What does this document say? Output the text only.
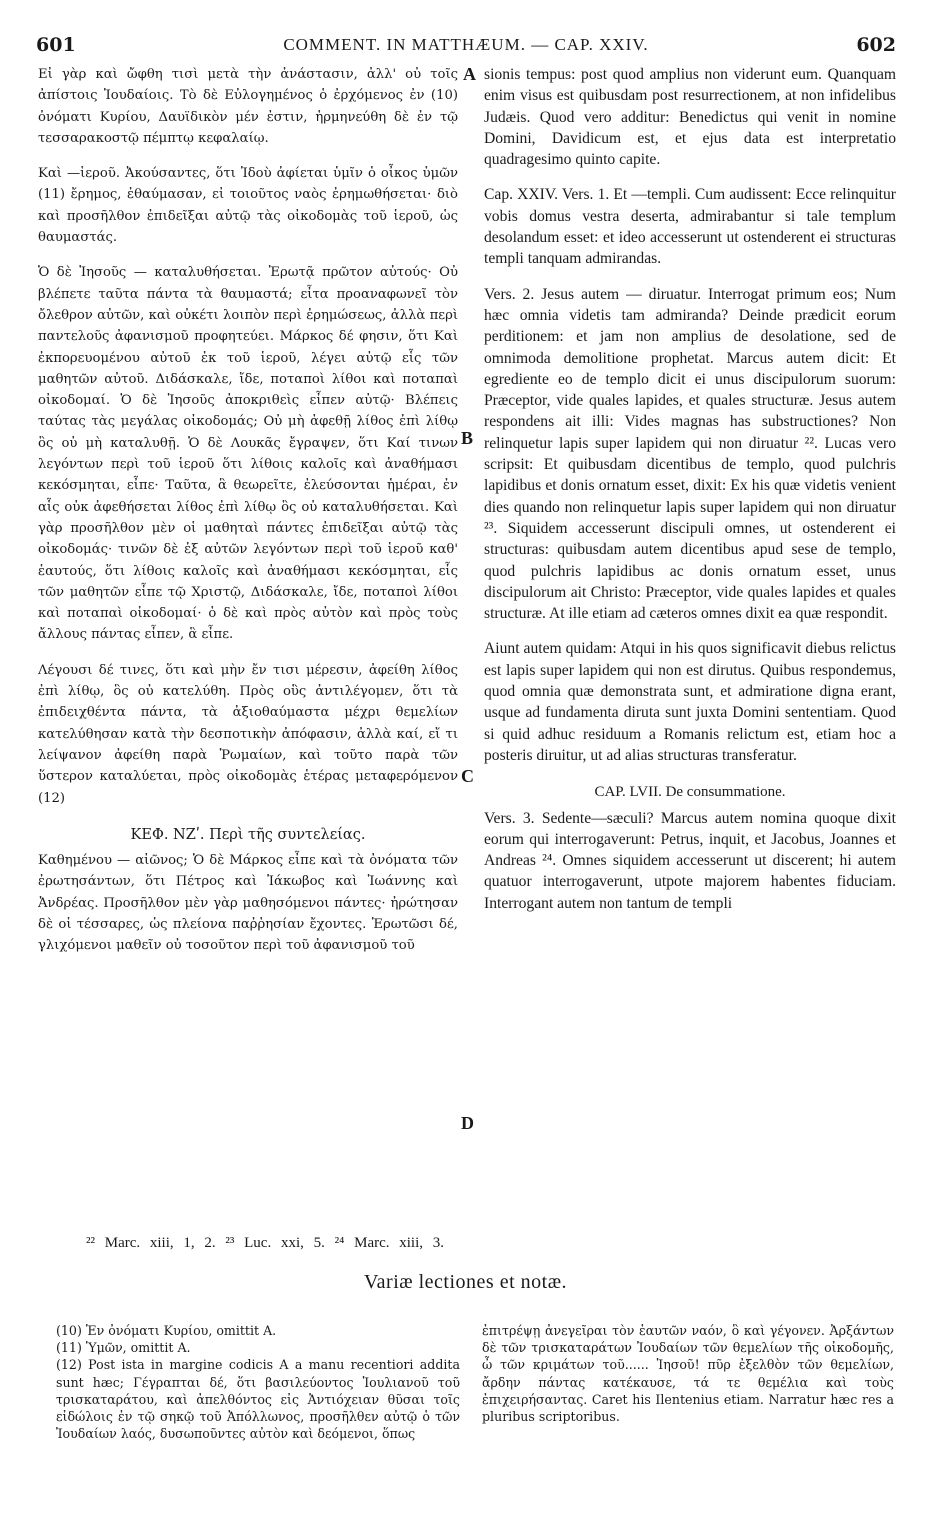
601	COMMENT. IN MATTHÆUM. — CAP. XXIV.	602

Εἰ γὰρ καὶ ὤφθη τισὶ μετὰ τὴν ἀνάστασιν, ἀλλ' οὐ τοῖς ἀπίστοις Ἰουδαίοις. Τὸ δὲ Εὐλογημένος ὁ ἐρχόμενος ἐν (10) ὀνόματι Κυρίου, Δαυϊδικὸν μέν ἐστιν, ἡρμηνεύθη δὲ ἐν τῷ τεσσαρακοστῷ πέμπτῳ κεφαλαίῳ.

Καὶ —ἱεροῦ. Ἀκούσαντες, ὅτι Ἰδοὺ ἀφίεται ὑμῖν ὁ οἶκος ὑμῶν (11) ἔρημος, ἐθαύμασαν, εἰ τοιοῦτος ναὸς ἐρημωθήσεται· διὸ καὶ προσῆλθον ἐπιδεῖξαι αὐτῷ τὰς οἰκοδομὰς τοῦ ἱεροῦ, ὡς θαυμαστάς.

Ὁ δὲ Ἰησοῦς — καταλυθήσεται. Ἐρωτᾷ πρῶτον αὐτούς· Οὐ βλέπετε ταῦτα πάντα τὰ θαυμαστά; εἶτα προαναφωνεῖ τὸν ὄλεθρον αὐτῶν, καὶ οὐκέτι λοιπὸν περὶ ἐρημώσεως, ἀλλὰ περὶ παντελοῦς ἀφανισμοῦ προφητεύει. Μάρκος δέ φησιν, ὅτι Καὶ ἐκπορευομένου αὐτοῦ ἐκ τοῦ ἱεροῦ, λέγει αὐτῷ εἷς τῶν μαθητῶν αὐτοῦ. Διδάσκαλε, ἴδε, ποταποὶ λίθοι καὶ ποταπαὶ οἰκοδομαί. Ὁ δὲ Ἰησοῦς ἀποκριθεὶς εἶπεν αὐτῷ· Βλέπεις ταύτας τὰς μεγάλας οἰκοδομάς; Οὐ μὴ ἀφεθῇ λίθος ἐπὶ λίθῳ ὃς οὐ μὴ καταλυθῇ. Ὁ δὲ Λουκᾶς ἔγραψεν, ὅτι Καί τινων λεγόντων περὶ τοῦ ἱεροῦ ὅτι λίθοις καλοῖς καὶ ἀναθήμασι κεκόσμηται, εἶπε· Ταῦτα, ἃ θεωρεῖτε, ἐλεύσονται ἡμέραι, ἐν αἷς οὐκ ἀφεθήσεται λίθος ἐπὶ λίθῳ ὃς οὐ καταλυθήσεται. Καὶ γὰρ προσῆλθον μὲν οἱ μαθηταὶ πάντες ἐπιδεῖξαι αὐτῷ τὰς οἰκοδομάς· τινῶν δὲ ἐξ αὐτῶν λεγόντων περὶ τοῦ ἱεροῦ καθ' ἑαυτούς, ὅτι λίθοις καλοῖς καὶ ἀναθήμασι κεκόσμηται, εἷς τῶν μαθητῶν εἶπε τῷ Χριστῷ, Διδάσκαλε, ἴδε, ποταποὶ λίθοι καὶ ποταπαὶ οἰκοδομαί· ὁ δὲ καὶ πρὸς αὐτὸν καὶ πρὸς τοὺς ἄλλους πάντας εἶπεν, ἃ εἶπε.

Λέγουσι δέ τινες, ὅτι καὶ μὴν ἔν τισι μέρεσιν, ἀφείθη λίθος ἐπὶ λίθῳ, ὃς οὐ κατελύθη. Πρὸς οὓς ἀντιλέγομεν, ὅτι τὰ ἐπιδειχθέντα πάντα, τὰ ἀξιοθαύμαστα μέχρι θεμελίων κατελύθησαν κατὰ τὴν δεσποτικὴν ἀπόφασιν, ἀλλὰ καί, εἴ τι λείψανον ἀφείθη παρὰ Ῥωμαίων, καὶ τοῦτο παρὰ τῶν ὕστερον καταλύεται, πρὸς οἰκοδομὰς ἑτέρας μεταφερόμενον (12)

ΚΕΦ. ΝΖʹ. Περὶ τῆς συντελείας.

Καθημένου — αἰῶνος; Ὁ δὲ Μάρκος εἶπε καὶ τὰ ὀνόματα τῶν ἐρωτησάντων, ὅτι Πέτρος καὶ Ἰάκωβος καὶ Ἰωάννης καὶ Ἀνδρέας. Προσῆλθον μὲν γὰρ μαθησόμενοι πάντες· ἠρώτησαν δὲ οἱ τέσσαρες, ὡς πλείονα παῤῥησίαν ἔχοντες. Ἐρωτῶσι δέ, γλιχόμενοι μαθεῖν οὐ τοσοῦτον περὶ τοῦ ἀφανισμοῦ τοῦ

sionis tempus: post quod amplius non viderunt eum. Quanquam enim visus est quibusdam post resurrectionem, at non infidelibus Judæis. Quod vero additur: Benedictus qui venit in nomine Domini, Davidicum est, et ejus data est interpretatio quadragesimo quinto capite.

Cap. XXIV. Vers. 1. Et —templi. Cum audissent: Ecce relinquitur vobis domus vestra deserta, admirabantur si tale templum desolandum esset: et ideo accesserunt ut ostenderent ei structuras templi tanquam admirandas.

Vers. 2. Jesus autem — diruatur. Interrogat primum eos; Num hæc omnia videtis tam admiranda? Deinde prædicit eorum perditionem: et jam non amplius de desolatione, sed de omnimoda demolitione prophetat. Marcus autem dicit: Et egrediente eo de templo dicit ei unus discipulorum suorum: Præceptor, vide quales lapides, et quales structuræ. Jesus autem respondens ait illi: Vides magnas has substructiones? Non relinquetur lapis super lapidem qui non diruatur ²². Lucas vero scripsit: Et quibusdam dicentibus de templo, quod pulchris lapidibus et donis ornatum esset, dixit: Ex his quæ videtis venient dies quando non relinquetur lapis super lapidem qui non diruatur ²³. Siquidem accesserunt discipuli omnes, ut ostenderent ei structuras: quibusdam autem dicentibus apud sese de templo, quod pulchris lapidibus ac donis ornatum esset, unus discipulorum ait Christo: Præceptor, vide quales lapides et quales structuræ. At ille etiam ad cæteros omnes dixit ea quæ respondit.

Aiunt autem quidam: Atqui in his quos significavit diebus relictus est lapis super lapidem qui non est dirutus. Quibus respondemus, quod omnia quæ demonstrata sunt, et admiratione digna erant, usque ad fundamenta diruta sunt juxta Domini sententiam. Quod si quid adhuc residuum a Romanis relictum est, etiam hoc a posteris diruitur, ut ad alias structuras transferatur.

CAP. LVII. De consummatione.

Vers. 3. Sedente—sæculi? Marcus autem nomina quoque dixit eorum qui interrogaverunt: Petrus, inquit, et Jacobus, Joannes et Andreas ²⁴. Omnes siquidem accesserunt ut discerent; hi autem quatuor interrogaverunt, utpote majorem habentes fiduciam. Interrogant autem non tantum de templi

A
B
C
D
²² Marc. xiii, 1, 2. ²³ Luc. xxi, 5. ²⁴ Marc. xiii, 3.
Variæ lectiones et notæ.

(10) Ἐν ὀνόματι Κυρίου, omittit A.

(11) Ὑμῶν, omittit A.

(12) Post ista in margine codicis A a manu recentiori addita sunt hæc; Γέγραπται δέ, ὅτι βασιλεύοντος Ἰουλιανοῦ τοῦ τρισκαταράτου, καὶ ἀπελθόντος εἰς Ἀντιόχειαν θῦσαι τοῖς εἰδώλοις ἐν τῷ σηκῷ τοῦ Ἀπόλλωνος, προσῆλθεν αὐτῷ ὁ τῶν Ἰουδαίων λαός, δυσωποῦντες αὐτὸν καὶ δεόμενοι, ὅπως

ἐπιτρέψῃ ἀνεγεῖραι τὸν ἑαυτῶν ναόν, ὃ καὶ γέγονεν. Ἀρξάντων δὲ τῶν τρισκαταράτων Ἰουδαίων τῶν θεμελίων τῆς οἰκοδομῆς, ὦ τῶν κριμάτων τοῦ...... Ἰησοῦ! πῦρ ἐξελθὸν τῶν θεμελίων, ἄρδην πάντας κατέκαυσε, τά τε θεμέλια καὶ τοὺς ἐπιχειρήσαντας. Caret his Ilentenius etiam. Narratur hæc res a pluribus scriptoribus.
